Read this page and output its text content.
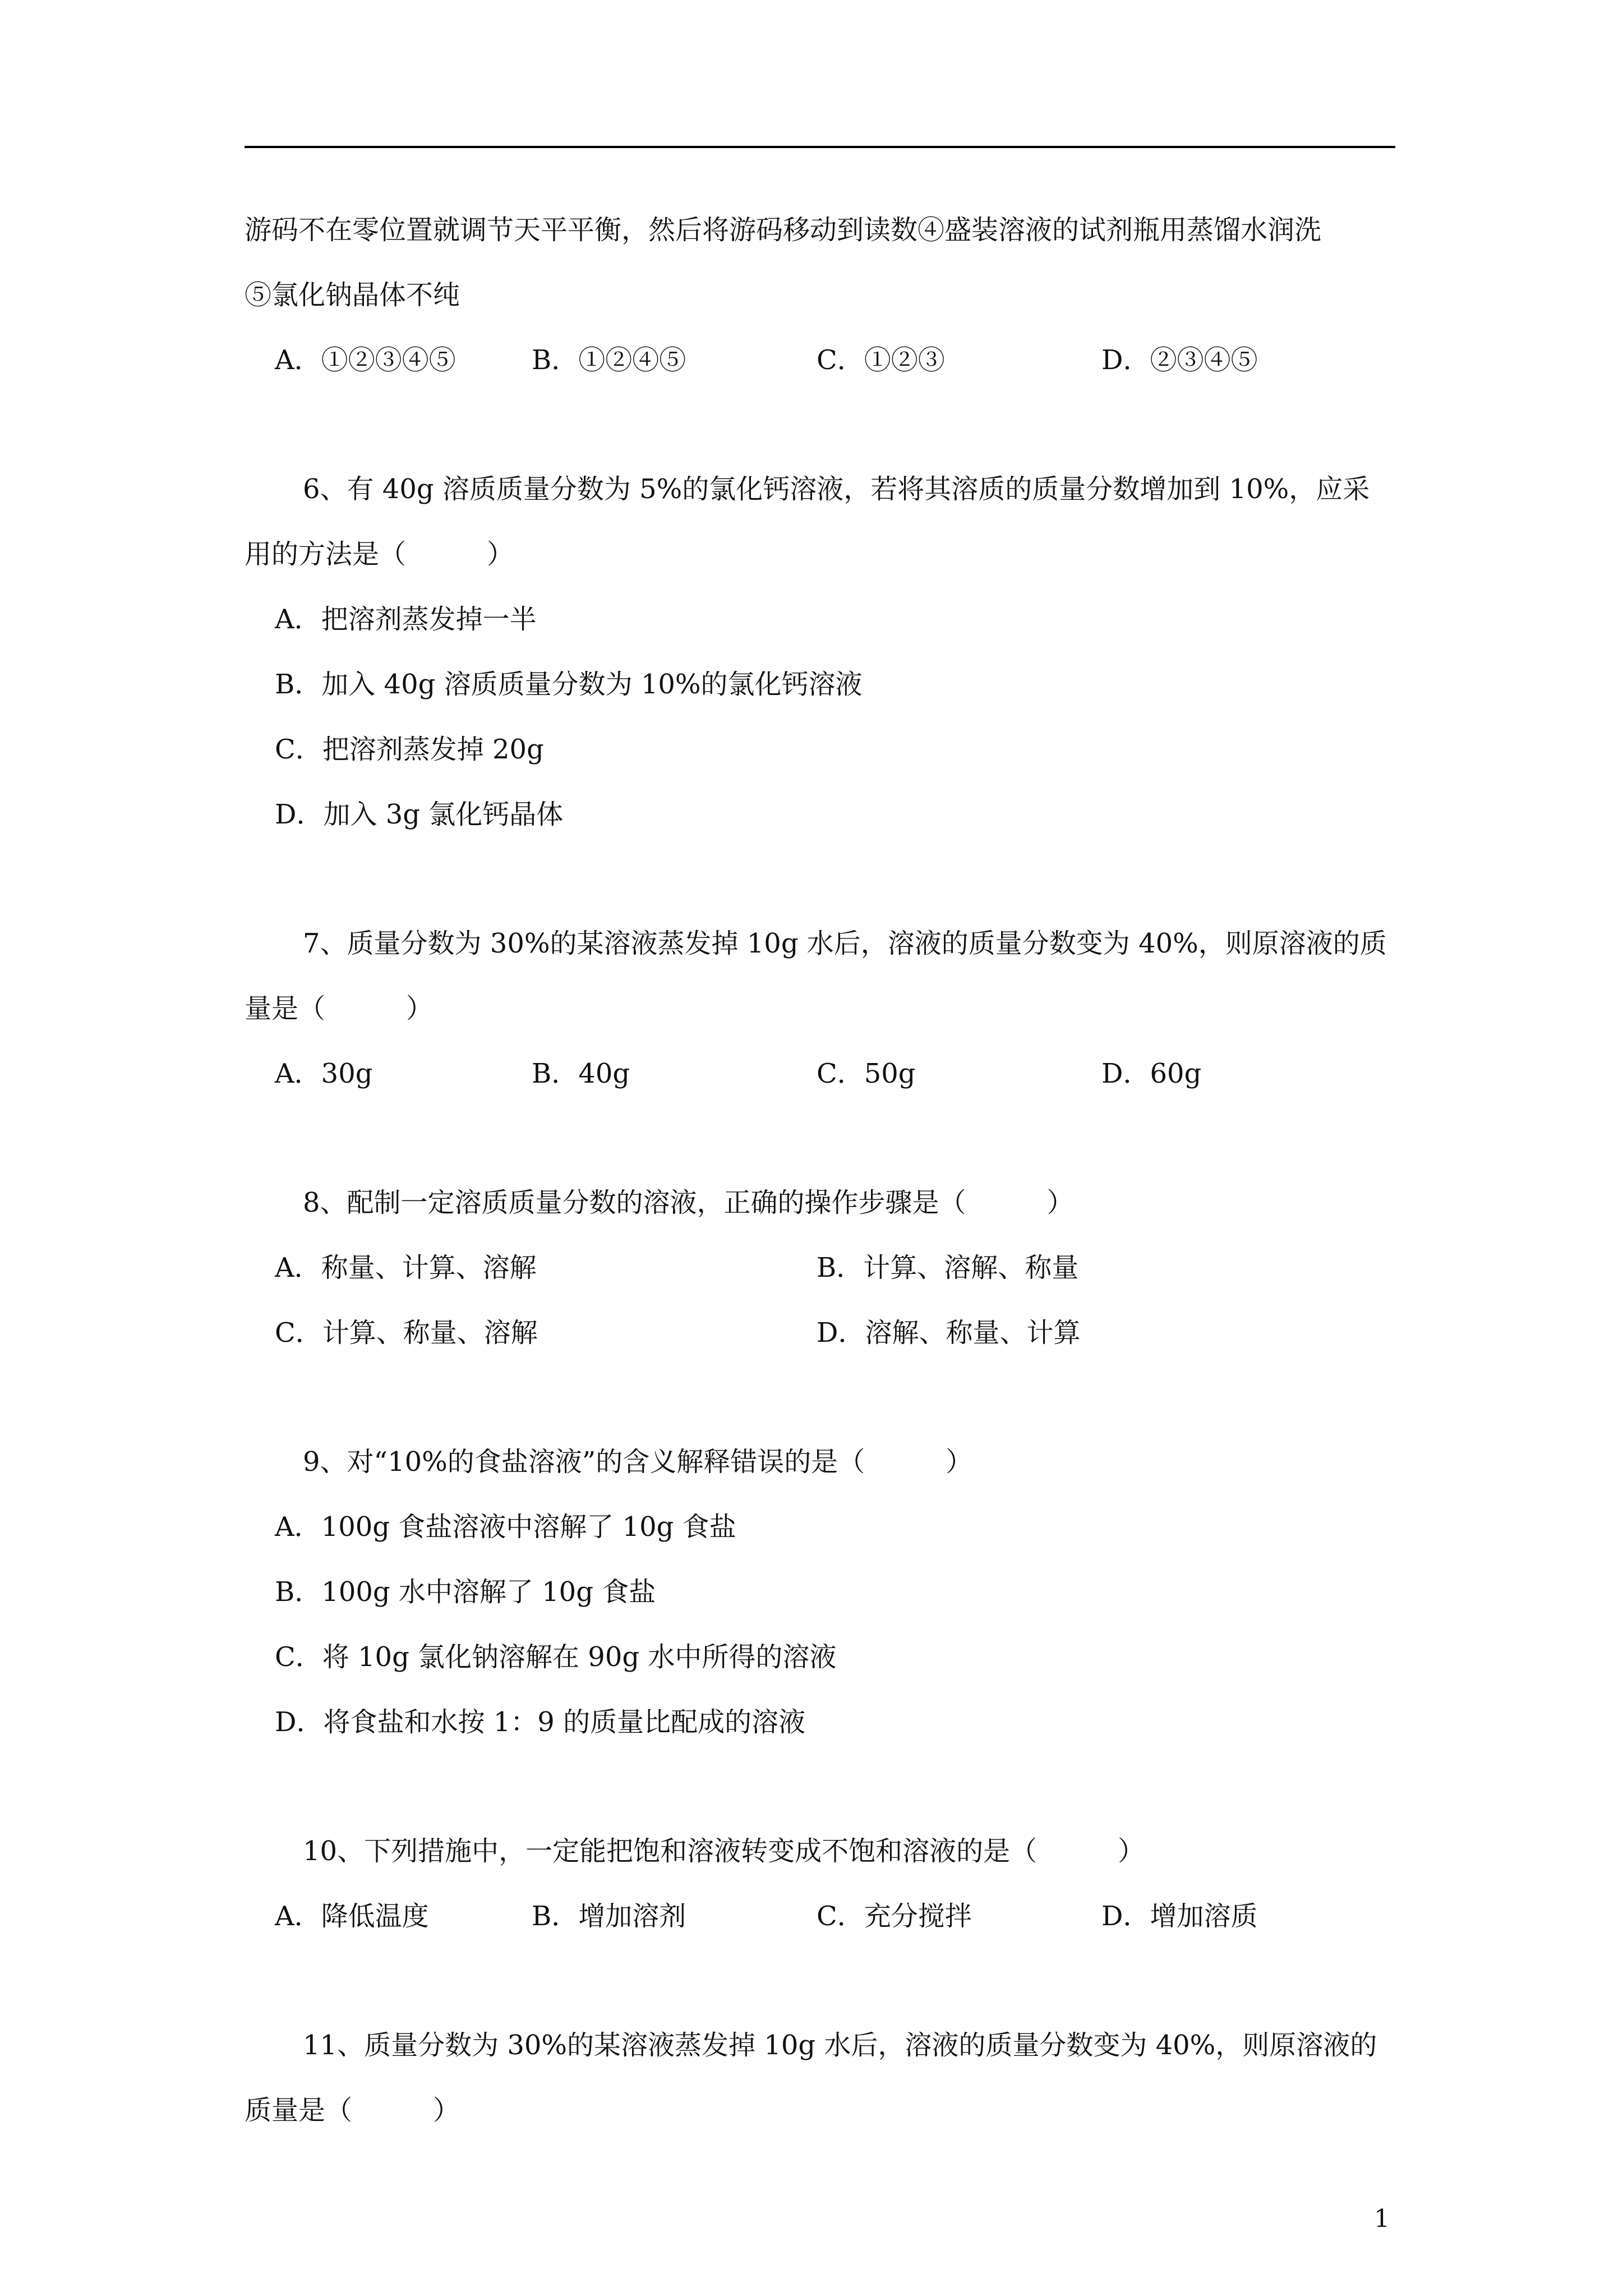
游码不在零位置就调节天平平衡，然后将游码移动到读数④盛装溶液的试剂瓶用蒸馏水润洗
⑤氯化钠晶体不纯
A．①②③④⑤	B．①②④⑤	C．①②③	D．②③④⑤
6、有 40g 溶质质量分数为 5%的氯化钙溶液，若将其溶质的质量分数增加到 10%，应采
用的方法是（　　　）
A．把溶剂蒸发掉一半
B．加入 40g 溶质质量分数为 10%的氯化钙溶液
C．把溶剂蒸发掉 20g
D．加入 3g 氯化钙晶体
7、质量分数为 30%的某溶液蒸发掉 10g 水后，溶液的质量分数变为 40%，则原溶液的质
量是（　　　）
A．30g	B．40g	C．50g	D．60g
8、配制一定溶质质量分数的溶液，正确的操作步骤是（　　　）
A．称量、计算、溶解	B．计算、溶解、称量
C．计算、称量、溶解	D．溶解、称量、计算
9、对“10%的食盐溶液”的含义解释错误的是（　　　）
A．100g 食盐溶液中溶解了 10g 食盐
B．100g 水中溶解了 10g 食盐
C．将 10g 氯化钠溶解在 90g 水中所得的溶液
D．将食盐和水按 1：9 的质量比配成的溶液
10、下列措施中，一定能把饱和溶液转变成不饱和溶液的是（　　　）
A．降低温度	B．增加溶剂	C．充分搅拌	D．增加溶质
11、质量分数为 30%的某溶液蒸发掉 10g 水后，溶液的质量分数变为 40%，则原溶液的
质量是（　　　）
1
